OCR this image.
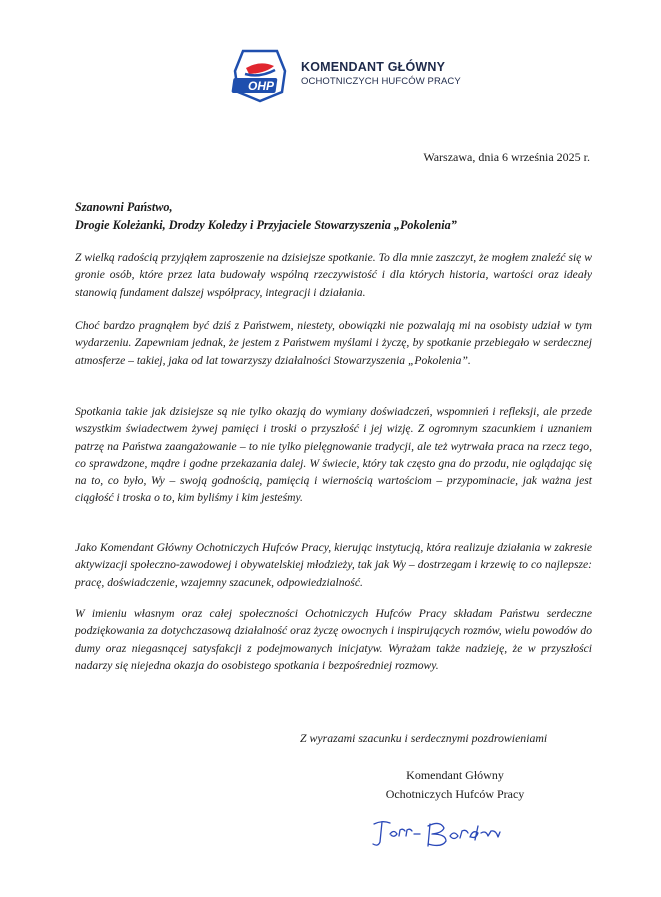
OHP
KOMENDANT GŁÓWNY
OCHOTNICZYCH HUFCÓW PRACY
Warszawa, dnia 6 września 2025 r.
Szanowni Państwo,
Drogie Koleżanki, Drodzy Koledzy i Przyjaciele Stowarzyszenia „Pokolenia”

Z wielką radością przyjąłem zaproszenie na dzisiejsze spotkanie. To dla mnie zaszczyt, że mogłem znaleźć się w gronie osób, które przez lata budowały wspólną rzeczywistość i dla których historia, wartości oraz ideały stanowią fundament dalszej współpracy, integracji i działania.

Choć bardzo pragnąłem być dziś z Państwem, niestety, obowiązki nie pozwalają mi na osobisty udział w tym wydarzeniu. Zapewniam jednak, że jestem z Państwem myślami i życzę, by spotkanie przebiegało w serdecznej atmosferze – takiej, jaka od lat towarzyszy działalności Stowarzyszenia „Pokolenia”.

Spotkania takie jak dzisiejsze są nie tylko okazją do wymiany doświadczeń, wspomnień i refleksji, ale przede wszystkim świadectwem żywej pamięci i troski o przyszłość i jej wizję. Z ogromnym szacunkiem i uznaniem patrzę na Państwa zaangażowanie – to nie tylko pielęgnowanie tradycji, ale też wytrwała praca na rzecz tego, co sprawdzone, mądre i godne przekazania dalej. W świecie, który tak często gna do przodu, nie oglądając się na to, co było, Wy – swoją godnością, pamięcią i wiernością wartościom – przypominacie, jak ważna jest ciągłość i troska o to, kim byliśmy i kim jesteśmy.

Jako Komendant Główny Ochotniczych Hufców Pracy, kierując instytucją, która realizuje działania w zakresie aktywizacji społeczno-zawodowej i obywatelskiej młodzieży, tak jak Wy – dostrzegam i krzewię to co najlepsze: pracę, doświadczenie, wzajemny szacunek, odpowiedzialność.

W imieniu własnym oraz całej społeczności Ochotniczych Hufców Pracy składam Państwu serdeczne podziękowania za dotychczasową działalność oraz życzę owocnych i inspirujących rozmów, wielu powodów do dumy oraz niegasnącej satysfakcji z podejmowanych inicjatyw. Wyrażam także nadzieję, że w przyszłości nadarzy się niejedna okazja do osobistego spotkania i bezpośredniej rozmowy.

Z wyrazami szacunku i serdecznymi pozdrowieniami
Komendant Główny
Ochotniczych Hufców Pracy
